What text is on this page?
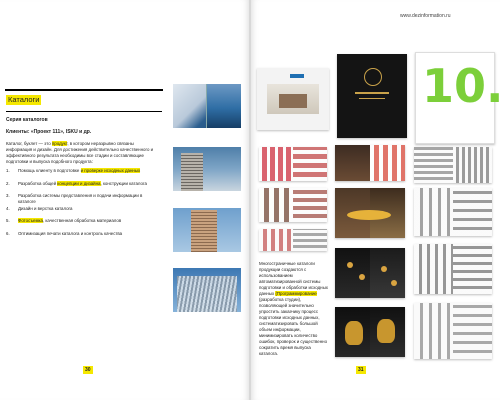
Каталоги
Серия каталогов
Клиенты: «Проект 111», ISKU и др.

Каталог, буклет — это продукт, в котором неразрывно связаны информация и дизайн. Для достижения действительно качественного и эффективного результата необходимы все стадии и составляющие подготовки и выпуска подобного продукта:

1. Помощь клиенту в подготовке и проверке исходных данных
2. Разработка общей концепции и дизайна, конструкции каталога
3. Разработка системы представления и подачи информации в каталоге
4. Дизайн и верстка каталога
5. Фотосъемка, качественная обработка материалов
6. Оптимизация печати каталога и контроль качества
30
www.dezinformation.ru
10.

Многостраничные каталоги продукции создаются с использованием автоматизированной системы подготовки и обработки исходных данных (Программирование (разработка студии), позволяющей значительно упростить заказчику процесс подготовки исходных данных, систематизировать большой объем информации, минимизировать количество ошибок, проверок и существенно сократить время выпуска каталога.

31
